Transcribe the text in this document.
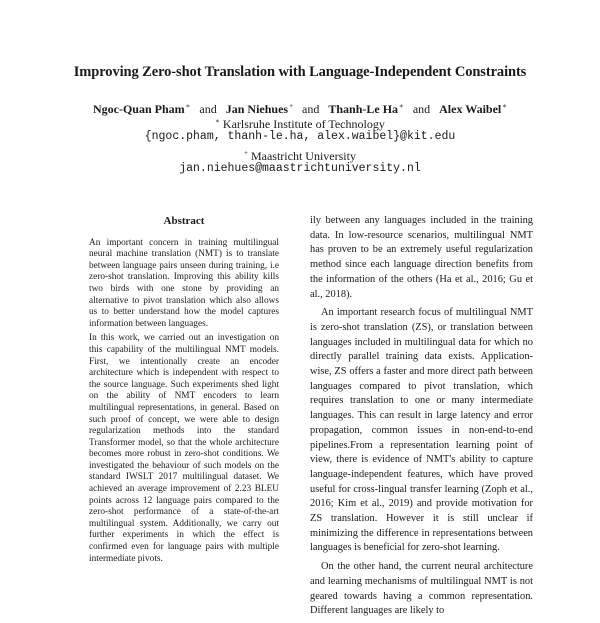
Improving Zero-shot Translation with Language-Independent Constraints
Ngoc-Quan Pham∗ and Jan Niehues+ and Thanh-Le Ha∗ and Alex Waibel∗
∗ Karlsruhe Institute of Technology
{ngoc.pham, thanh-le.ha, alex.waibel}@kit.edu
+ Maastricht University
jan.niehues@maastrichtuniversity.nl
Abstract

An important concern in training multilingual neural machine translation (NMT) is to translate between language pairs unseen during training, i.e zero-shot translation. Improving this ability kills two birds with one stone by providing an alternative to pivot translation which also allows us to better understand how the model captures information between languages.

In this work, we carried out an investigation on this capability of the multilingual NMT models. First, we intentionally create an encoder architecture which is independent with respect to the source language. Such experiments shed light on the ability of NMT encoders to learn multilingual representations, in general. Based on such proof of concept, we were able to design regularization methods into the standard Transformer model, so that the whole architecture becomes more robust in zero-shot conditions. We investigated the behaviour of such models on the standard IWSLT 2017 multilingual dataset. We achieved an average improvement of 2.23 BLEU points across 12 language pairs compared to the zero-shot performance of a state-of-the-art multilingual system. Additionally, we carry out further experiments in which the effect is confirmed even for language pairs with multiple intermediate pivots.

ily between any languages included in the training data. In low-resource scenarios, multilingual NMT has proven to be an extremely useful regularization method since each language direction benefits from the information of the others (Ha et al., 2016; Gu et al., 2018).

An important research focus of multilingual NMT is zero-shot translation (ZS), or translation between languages included in multilingual data for which no directly parallel training data exists. Application-wise, ZS offers a faster and more direct path between languages compared to pivot translation, which requires translation to one or many intermediate languages. This can result in large latency and error propagation, common issues in non-end-to-end pipelines.From a representation learning point of view, there is evidence of NMT's ability to capture language-independent features, which have proved useful for cross-lingual transfer learning (Zoph et al., 2016; Kim et al., 2019) and provide motivation for ZS translation. However it is still unclear if minimizing the difference in representations between languages is beneficial for zero-shot learning.

On the other hand, the current neural architecture and learning mechanisms of multilingual NMT is not geared towards having a common representation. Different languages are likely to
